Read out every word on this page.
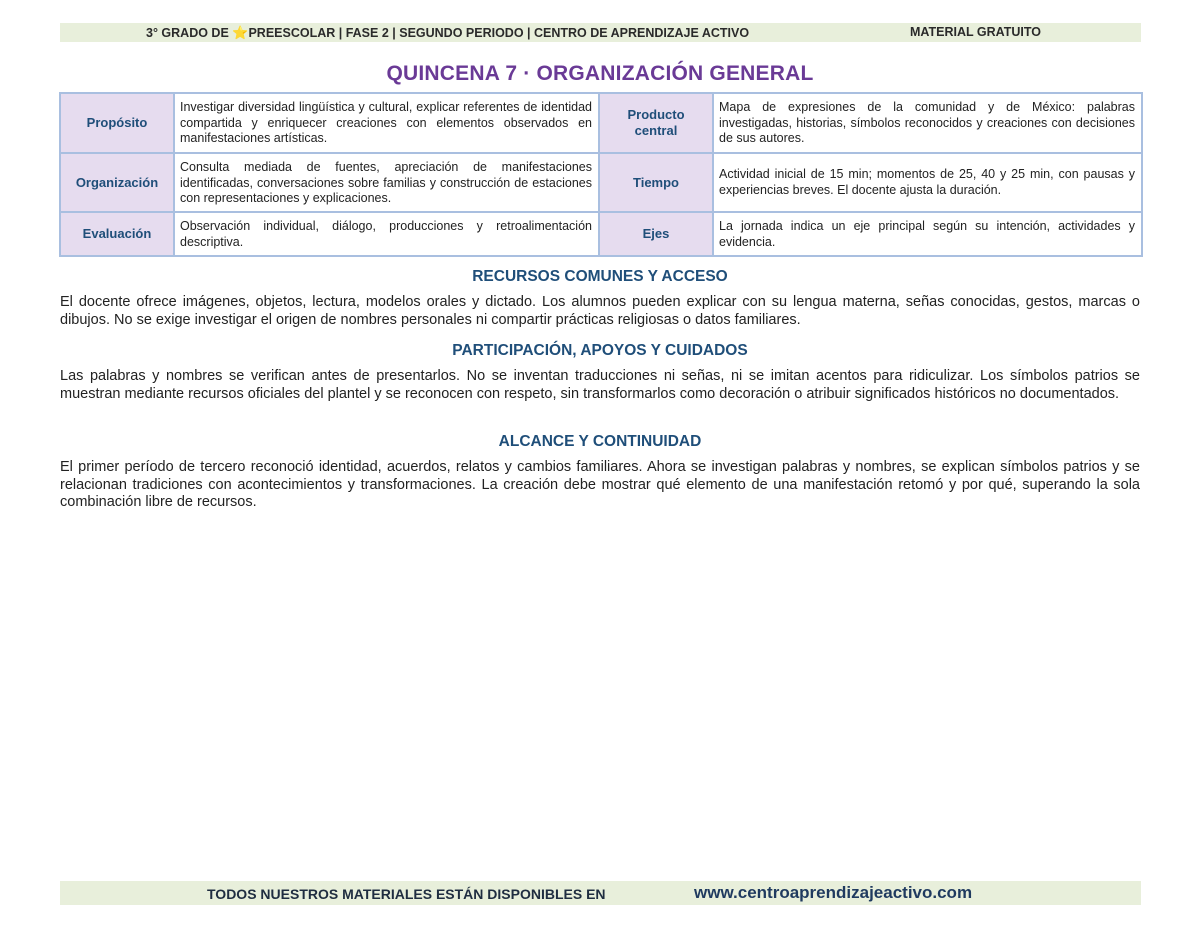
3° GRADO DE ⭐PREESCOLAR | FASE 2 | SEGUNDO PERIODO | CENTRO DE APRENDIZAJE ACTIVO	MATERIAL GRATUITO
QUINCENA 7 · ORGANIZACIÓN GENERAL
Propósito	Investigar diversidad lingüística y cultural, explicar referentes de identidad compartida y enriquecer creaciones con elementos observados en manifestaciones artísticas.	Producto central	Mapa de expresiones de la comunidad y de México: palabras investigadas, historias, símbolos reconocidos y creaciones con decisiones de sus autores.

Organización	Consulta mediada de fuentes, apreciación de manifestaciones identificadas, conversaciones sobre familias y construcción de estaciones con representaciones y explicaciones.	Tiempo	Actividad inicial de 15 min; momentos de 25, 40 y 25 min, con pausas y experiencias breves. El docente ajusta la duración.

Evaluación	Observación individual, diálogo, producciones y retroalimentación descriptiva.	Ejes	La jornada indica un eje principal según su intención, actividades y evidencia.
RECURSOS COMUNES Y ACCESO
El docente ofrece imágenes, objetos, lectura, modelos orales y dictado. Los alumnos pueden explicar con su lengua materna, señas conocidas, gestos, marcas o dibujos. No se exige investigar el origen de nombres personales ni compartir prácticas religiosas o datos familiares.
PARTICIPACIÓN, APOYOS Y CUIDADOS
Las palabras y nombres se verifican antes de presentarlos. No se inventan traducciones ni señas, ni se imitan acentos para ridiculizar. Los símbolos patrios se muestran mediante recursos oficiales del plantel y se reconocen con respeto, sin transformarlos como decoración o atribuir significados históricos no documentados.
ALCANCE Y CONTINUIDAD
El primer período de tercero reconoció identidad, acuerdos, relatos y cambios familiares. Ahora se investigan palabras y nombres, se explican símbolos patrios y se relacionan tradiciones con acontecimientos y transformaciones. La creación debe mostrar qué elemento de una manifestación retomó y por qué, superando la sola combinación libre de recursos.
TODOS NUESTROS MATERIALES ESTÁN DISPONIBLES EN	www.centroaprendizajeactivo.com
